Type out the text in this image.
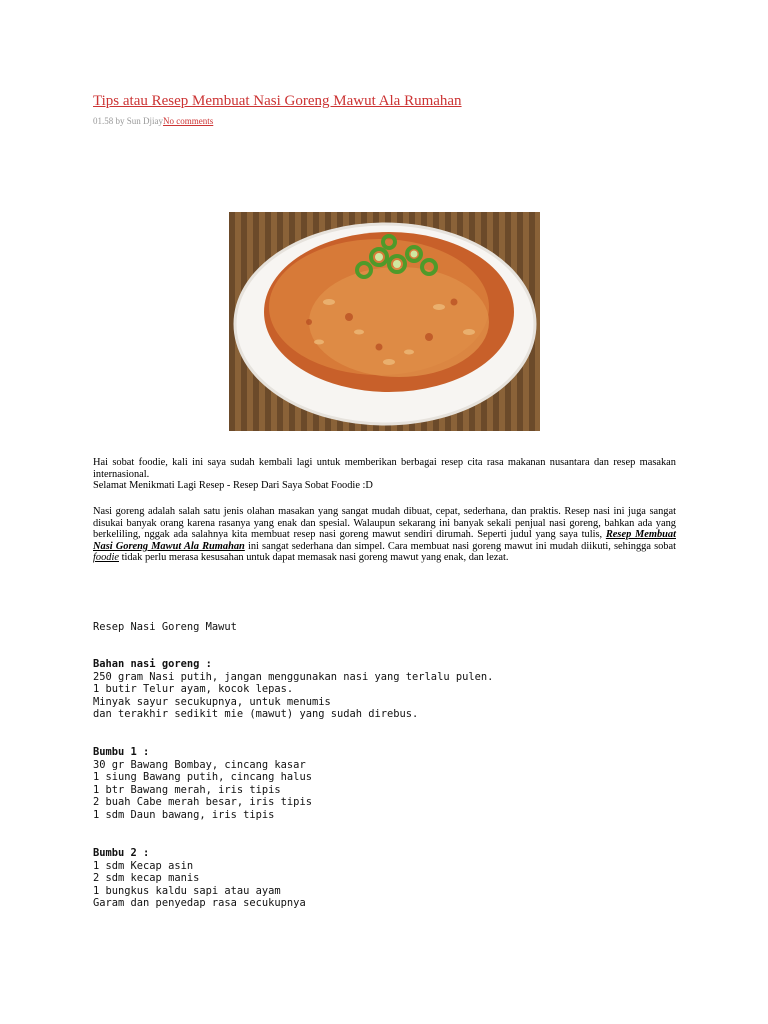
Tips atau Resep Membuat Nasi Goreng Mawut Ala Rumahan
01.58 by Sun DjiayNo comments
Hai sobat foodie, kali ini saya sudah kembali lagi untuk memberikan berbagai resep cita rasa makanan nusantara dan resep masakan internasional.
Selamat Menikmati Lagi Resep - Resep Dari Saya Sobat Foodie :D
Nasi goreng adalah salah satu jenis olahan masakan yang sangat mudah dibuat, cepat, sederhana, dan praktis. Resep nasi ini juga sangat disukai banyak orang karena rasanya yang enak dan spesial. Walaupun sekarang ini banyak sekali penjual nasi goreng, bahkan ada yang berkeliling, nggak ada salahnya kita membuat resep nasi goreng mawut sendiri dirumah. Seperti judul yang saya tulis, Resep Membuat Nasi Goreng Mawut Ala Rumahan ini sangat sederhana dan simpel. Cara membuat nasi goreng mawut ini mudah diikuti, sehingga sobat foodie tidak perlu merasa kesusahan untuk dapat memasak nasi goreng mawut yang enak, dan lezat.
Resep Nasi Goreng Mawut
Bahan nasi goreng :
250 gram Nasi putih, jangan menggunakan nasi yang terlalu pulen.
1 butir Telur ayam, kocok lepas.
Minyak sayur secukupnya, untuk menumis
dan terakhir sedikit mie (mawut) yang sudah direbus.
Bumbu 1 :
30 gr Bawang Bombay, cincang kasar
1 siung Bawang putih, cincang halus
1 btr Bawang merah, iris tipis
2 buah Cabe merah besar, iris tipis
1 sdm Daun bawang, iris tipis
Bumbu 2 :
1 sdm Kecap asin
2 sdm kecap manis
1 bungkus kaldu sapi atau ayam
Garam dan penyedap rasa secukupnya
